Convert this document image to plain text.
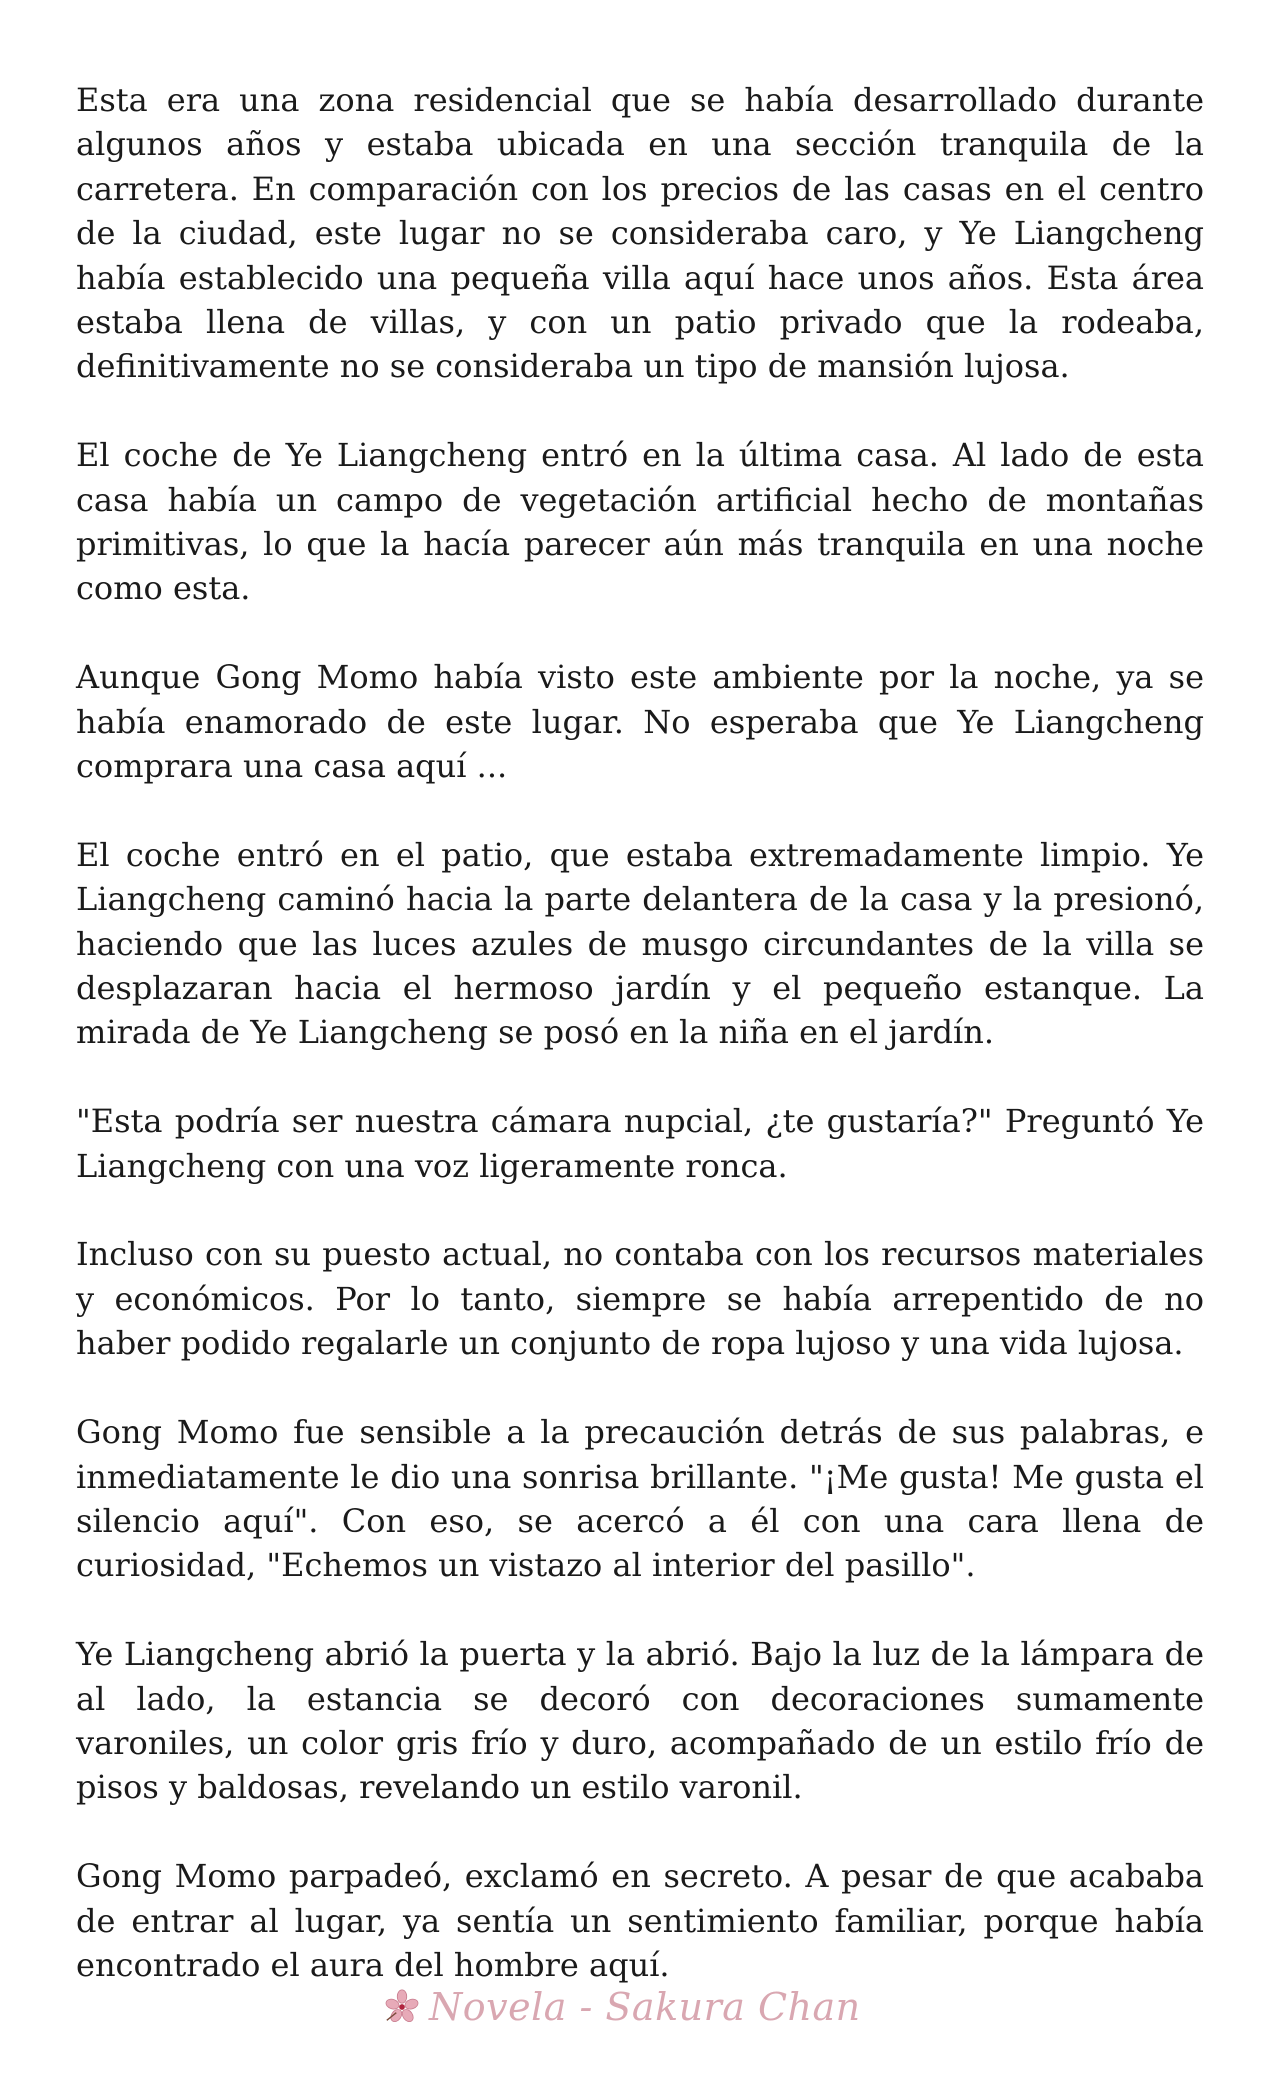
Esta era una zona residencial que se había desarrollado durante algunos años y estaba ubicada en una sección tranquila de la carretera. En comparación con los precios de las casas en el centro de la ciudad, este lugar no se consideraba caro, y Ye Liangcheng había establecido una pequeña villa aquí hace unos años. Esta área estaba llena de villas, y con un patio privado que la rodeaba, definitivamente no se consideraba un tipo de mansión lujosa.

El coche de Ye Liangcheng entró en la última casa. Al lado de esta casa había un campo de vegetación artificial hecho de montañas primitivas, lo que la hacía parecer aún más tranquila en una noche como esta.

Aunque Gong Momo había visto este ambiente por la noche, ya se había enamorado de este lugar. No esperaba que Ye Liangcheng comprara una casa aquí ...

El coche entró en el patio, que estaba extremadamente limpio. Ye Liangcheng caminó hacia la parte delantera de la casa y la presionó, haciendo que las luces azules de musgo circundantes de la villa se desplazaran hacia el hermoso jardín y el pequeño estanque. La mirada de Ye Liangcheng se posó en la niña en el jardín.

"Esta podría ser nuestra cámara nupcial, ¿te gustaría?" Preguntó Ye Liangcheng con una voz ligeramente ronca.

Incluso con su puesto actual, no contaba con los recursos materiales y económicos. Por lo tanto, siempre se había arrepentido de no haber podido regalarle un conjunto de ropa lujoso y una vida lujosa.

Gong Momo fue sensible a la precaución detrás de sus palabras, e inmediatamente le dio una sonrisa brillante. "¡Me gusta! Me gusta el silencio aquí". Con eso, se acercó a él con una cara llena de curiosidad, "Echemos un vistazo al interior del pasillo".

Ye Liangcheng abrió la puerta y la abrió. Bajo la luz de la lámpara de al lado, la estancia se decoró con decoraciones sumamente varoniles, un color gris frío y duro, acompañado de un estilo frío de pisos y baldosas, revelando un estilo varonil.

Gong Momo parpadeó, exclamó en secreto. A pesar de que acababa de entrar al lugar, ya sentía un sentimiento familiar, porque había encontrado el aura del hombre aquí.

Novela - Sakura Chan
